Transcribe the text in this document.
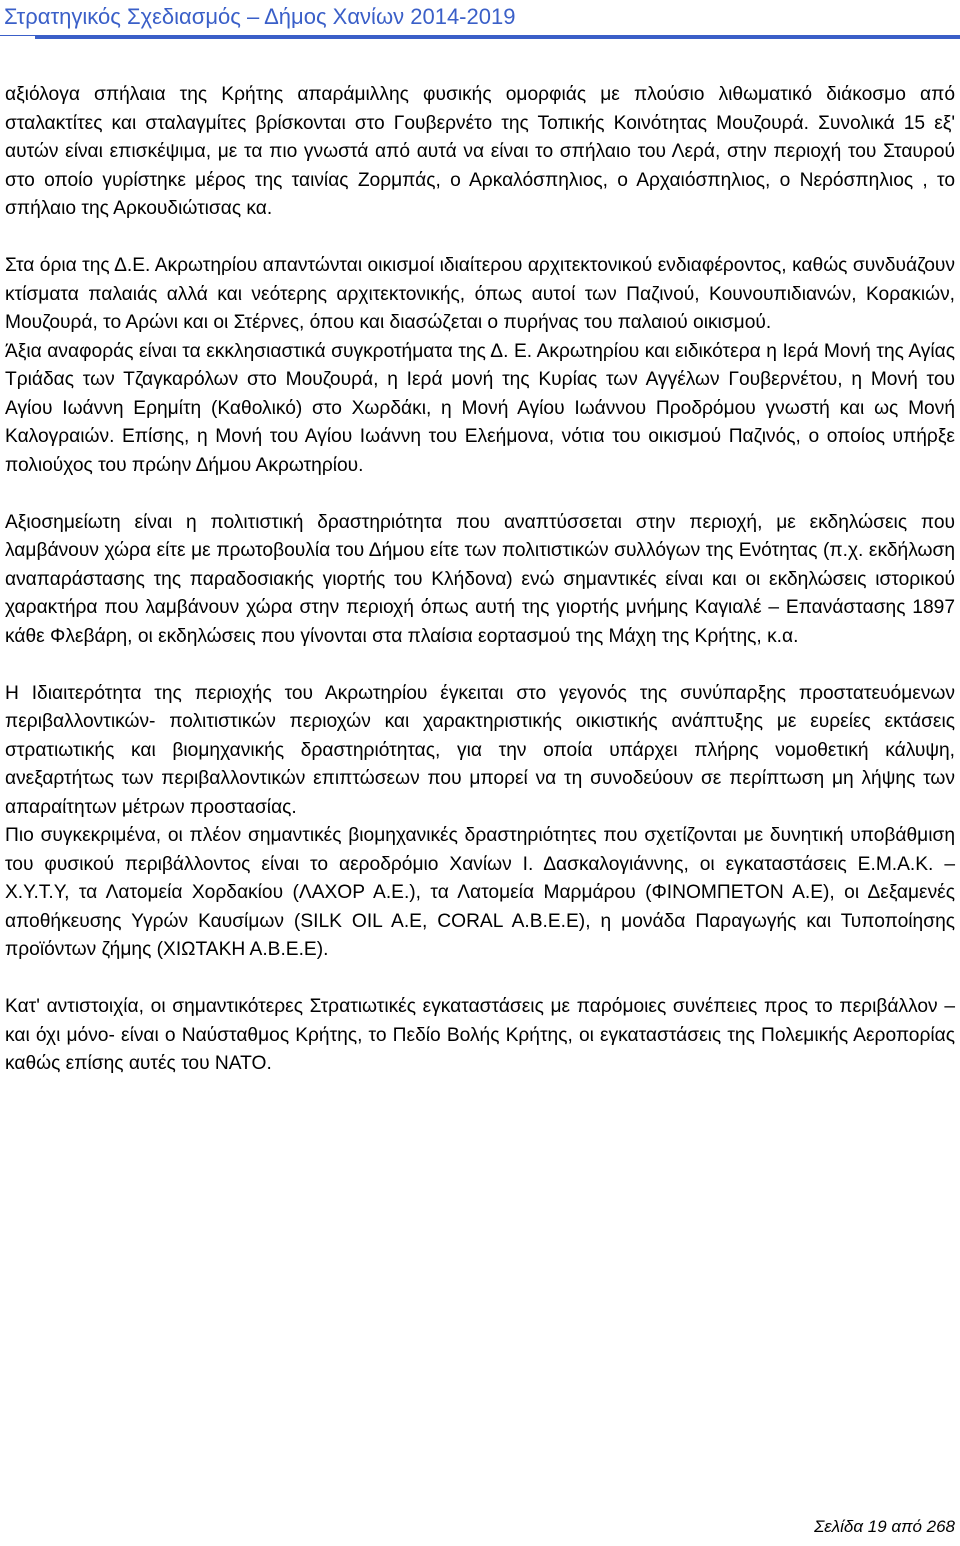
Στρατηγικός Σχεδιασμός – Δήμος Χανίων 2014-2019

αξιόλογα σπήλαια της Κρήτης απαράμιλλης φυσικής ομορφιάς με πλούσιο λιθωματικό διάκοσμο από σταλακτίτες και σταλαγμίτες βρίσκονται στο Γουβερνέτο της Τοπικής Κοινότητας Μουζουρά. Συνολικά 15 εξ' αυτών είναι επισκέψιμα, με τα πιο γνωστά από αυτά να είναι το σπήλαιο του Λερά, στην περιοχή του Σταυρού στο οποίο γυρίστηκε μέρος της ταινίας Ζορμπάς, ο Αρκαλόσπηλιος, ο Αρχαιόσπηλιος, ο Νερόσπηλιος , το σπήλαιο της Αρκουδιώτισας κα.

Στα όρια της Δ.Ε. Ακρωτηρίου απαντώνται οικισμοί ιδιαίτερου αρχιτεκτονικού ενδιαφέροντος, καθώς συνδυάζουν κτίσματα παλαιάς αλλά και νεότερης αρχιτεκτονικής, όπως αυτοί των Παζινού, Κουνουπιδιανών, Κορακιών, Μουζουρά, το Αρώνι και οι Στέρνες, όπου και διασώζεται ο πυρήνας του παλαιού οικισμού.

Άξια αναφοράς είναι τα εκκλησιαστικά συγκροτήματα της Δ. Ε. Ακρωτηρίου και ειδικότερα η Ιερά Μονή της Αγίας Τριάδας των Τζαγκαρόλων στο Μουζουρά, η Ιερά μονή της Κυρίας των Αγγέλων Γουβερνέτου, η Μονή του Αγίου Ιωάννη Ερημίτη (Καθολικό) στο Χωρδάκι, η Μονή Αγίου Ιωάννου Προδρόμου γνωστή και ως Μονή Καλογραιών. Επίσης, η Μονή του Αγίου Ιωάννη του Ελεήμονα, νότια του οικισμού Παζινός, ο οποίος υπήρξε πολιούχος του πρώην Δήμου Ακρωτηρίου.

Αξιοσημείωτη είναι η πολιτιστική δραστηριότητα που αναπτύσσεται στην περιοχή, με εκδηλώσεις που λαμβάνουν χώρα είτε με πρωτοβουλία του Δήμου είτε των πολιτιστικών συλλόγων της Ενότητας (π.χ. εκδήλωση αναπαράστασης της παραδοσιακής γιορτής του Κλήδονα) ενώ σημαντικές είναι και οι εκδηλώσεις ιστορικού χαρακτήρα που λαμβάνουν χώρα στην περιοχή όπως αυτή της γιορτής μνήμης Καγιαλέ – Επανάστασης 1897 κάθε Φλεβάρη, οι εκδηλώσεις που γίνονται στα πλαίσια εορτασμού της Μάχη της Κρήτης, κ.α.

Η Ιδιαιτερότητα της περιοχής του Ακρωτηρίου έγκειται στο γεγονός της συνύπαρξης προστατευόμενων περιβαλλοντικών- πολιτιστικών περιοχών και χαρακτηριστικής οικιστικής ανάπτυξης με ευρείες εκτάσεις στρατιωτικής και βιομηχανικής δραστηριότητας, για την οποία υπάρχει πλήρης νομοθετική κάλυψη, ανεξαρτήτως των περιβαλλοντικών επιπτώσεων που μπορεί να τη συνοδεύουν σε περίπτωση μη λήψης των απαραίτητων μέτρων προστασίας.

Πιο συγκεκριμένα, οι πλέον σημαντικές βιομηχανικές δραστηριότητες που σχετίζονται με δυνητική υποβάθμιση του φυσικού περιβάλλοντος είναι το αεροδρόμιο Χανίων Ι. Δασκαλογιάννης, οι εγκαταστάσεις Ε.Μ.Α.Κ. – Χ.Υ.Τ.Υ, τα Λατομεία Χορδακίου (ΛΑΧΟΡ Α.Ε.), τα Λατομεία Μαρμάρου (ΦΙΝΟΜΠΕΤΟΝ Α.Ε), οι Δεξαμενές αποθήκευσης Υγρών Καυσίμων (SILK OIL A.E, CORAL A.B.E.E), η μονάδα Παραγωγής και Τυποποίησης προϊόντων ζήμης (ΧΙΩΤΑΚΗ Α.Β.Ε.Ε).

Κατ' αντιστοιχία, οι σημαντικότερες Στρατιωτικές εγκαταστάσεις με παρόμοιες συνέπειες προς το περιβάλλον – και όχι μόνο- είναι ο Ναύσταθμος Κρήτης, το Πεδίο Βολής Κρήτης, οι εγκαταστάσεις της Πολεμικής Αεροπορίας καθώς επίσης αυτές του ΝΑΤΟ.

Σελίδα 19 από 268
